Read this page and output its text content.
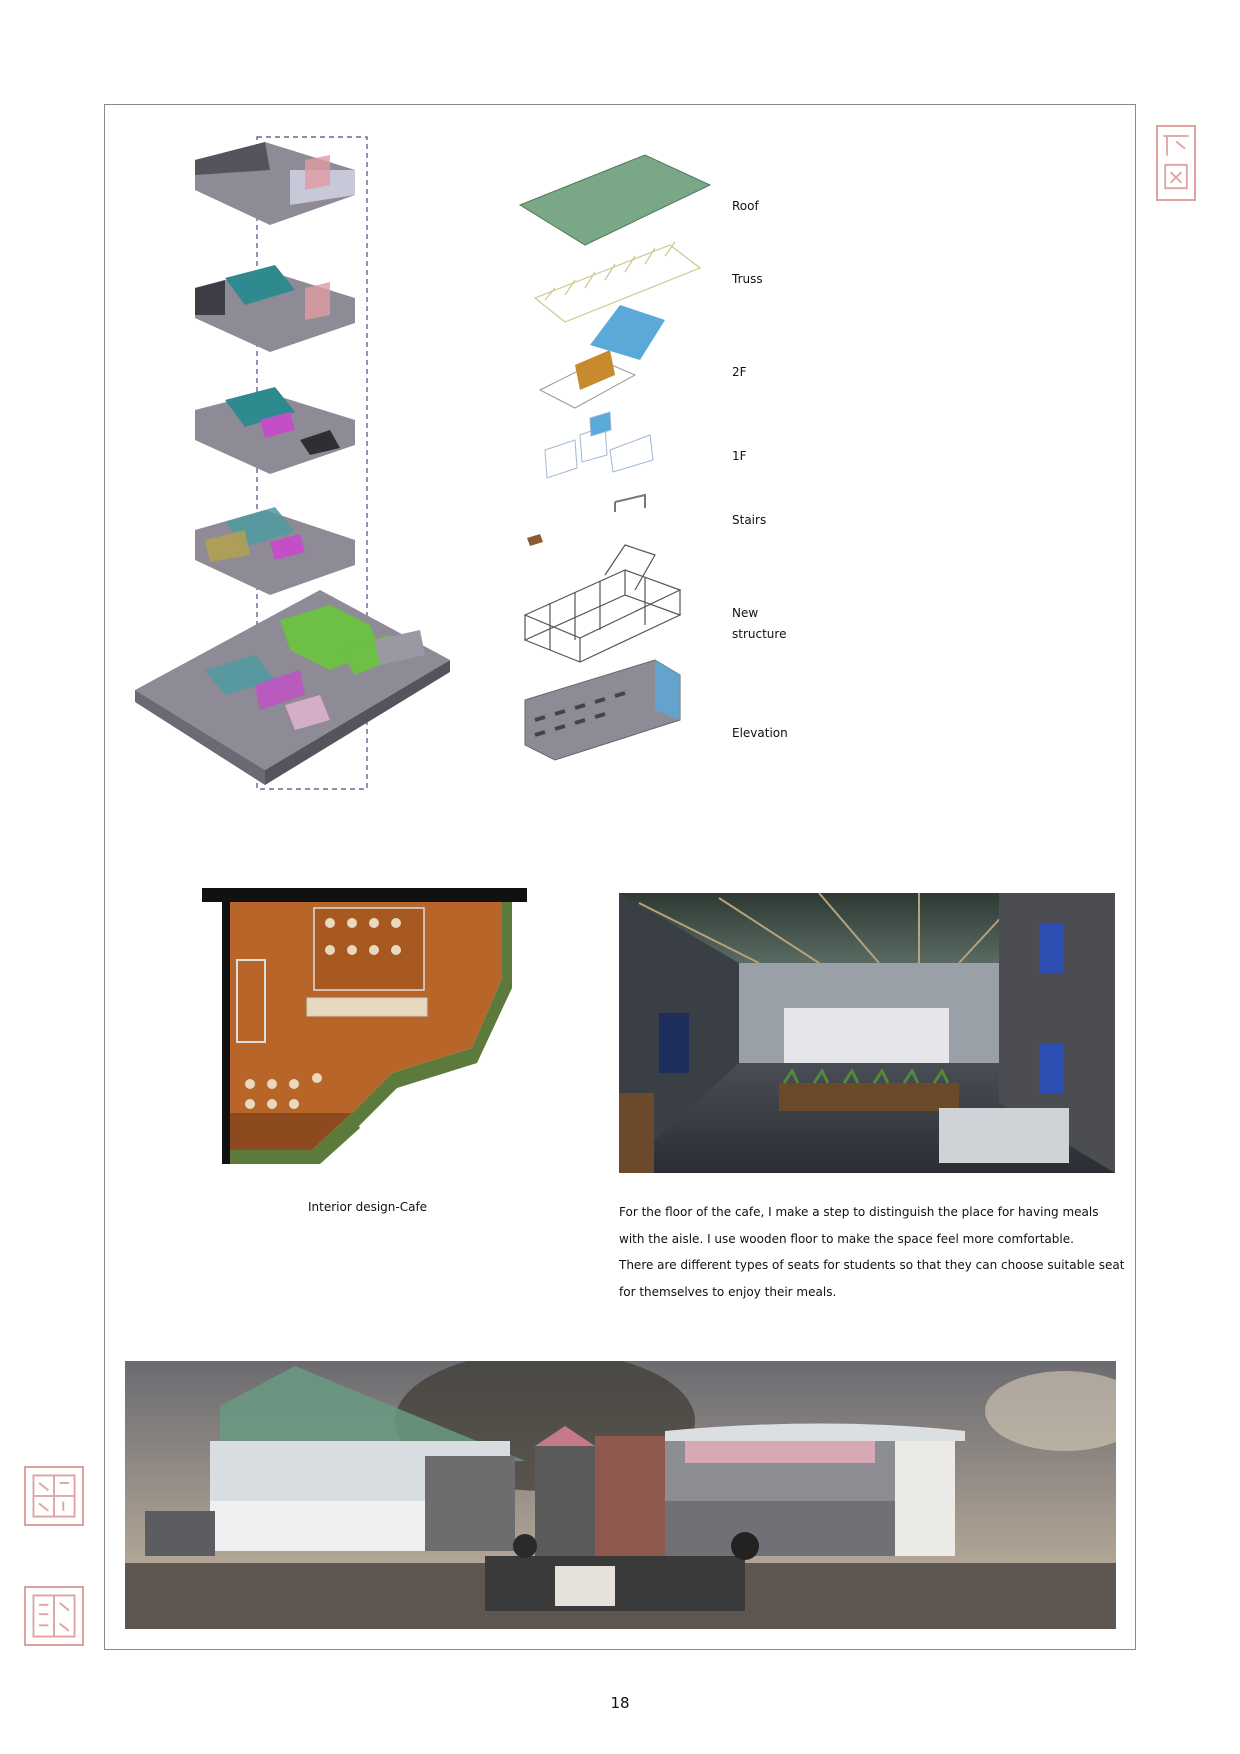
Roof
Truss
2F
1F
Stairs
New
structure
Elevation
Interior design-Cafe	For the floor of the cafe, I make a step to distinguish the place for having meals

with the aisle. I use wooden floor to make the space feel more comfortable.

There are different types of seats for students so that they can choose suitable seat

for themselves to enjoy their meals.

18
